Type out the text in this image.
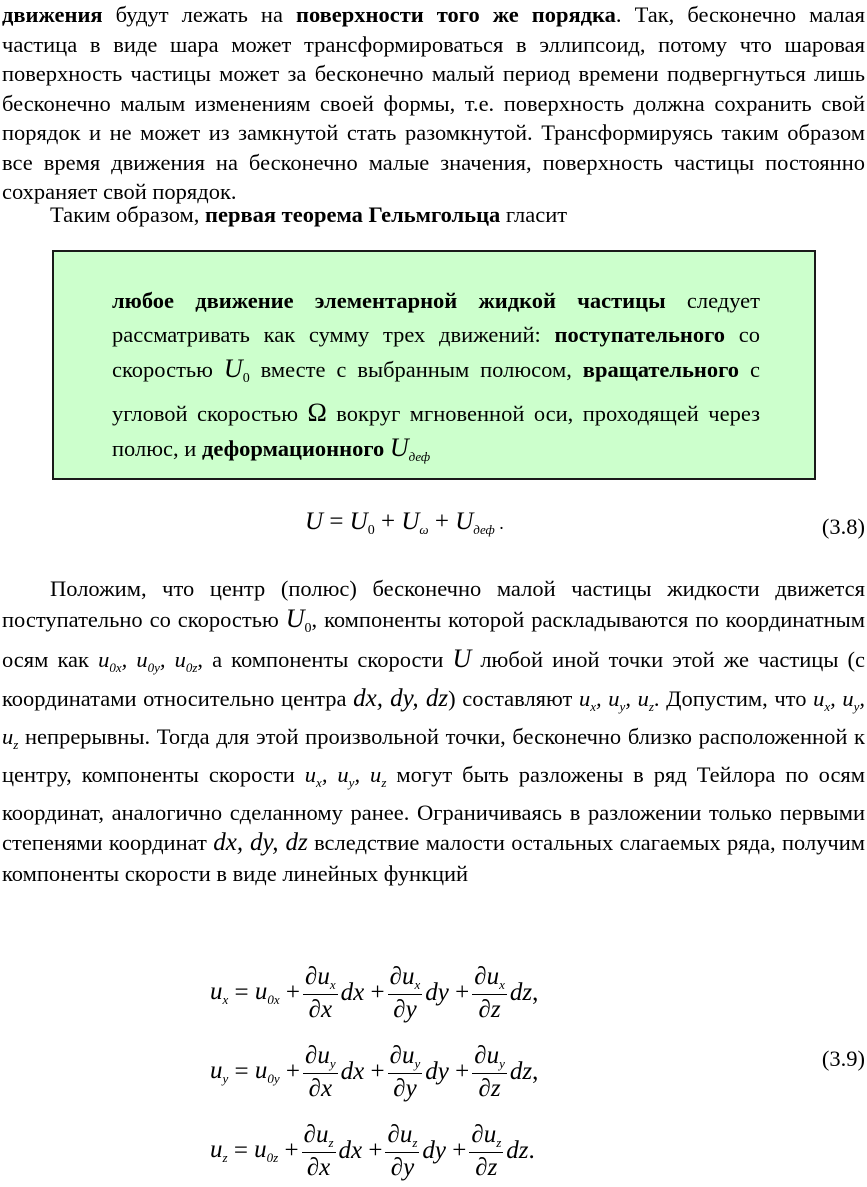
движения будут лежать на поверхности того же порядка. Так, бесконечно малая частица в виде шара может трансформироваться в эллипсоид, потому что шаровая поверхность частицы может за бесконечно малый период времени подвергнуться лишь бесконечно малым изменениям своей формы, т.е. поверхность должна сохранить свой порядок и не может из замкнутой стать разомкнутой. Трансформируясь таким образом все время движения на бесконечно малые значения, поверхность частицы постоянно сохраняет свой порядок.
Таким образом, первая теорема Гельмгольца гласит
любое движение элементарной жидкой частицы следует рассматривать как сумму трех движений: поступательного со скоростью $U_0$ вместе с выбранным полюсом, вращательного с угловой скоростью Ω вокруг мгновенной оси, проходящей через полюс, и деформационного $U_{деф}$
$U = U_0 + U_\omega + U_{деф}$ .	(3.8)
Положим, что центр (полюс) бесконечно малой частицы жидкости движется поступательно со скоростью $U_0$, компоненты которой раскладываются по координатным осям как $u_{0x}$, $u_{0y}$, $u_{0z}$, а компоненты скорости U любой иной точки этой же частицы (с координатами относительно центра dx, dy, dz) составляют $u_x$, $u_y$, $u_z$. Допустим, что $u_x$, $u_y$, $u_z$ непрерывны. Тогда для этой произвольной точки, бесконечно близко расположенной к центру, компоненты скорости $u_x$, $u_y$, $u_z$ могут быть разложены в ряд Тейлора по осям координат, аналогично сделанному ранее. Ограничиваясь в разложении только первыми степенями координат dx, dy, dz вследствие малости остальных слагаемых ряда, получим компоненты скорости в виде линейных функций
$u_x = u_{0x} + \frac{\partial u_x}{\partial x}$ dx + $\frac{\partial u_x}{\partial y}$ dy + $\frac{\partial u_x}{\partial z}$ dz ,
$u_y = u_{0y} + \frac{\partial u_y}{\partial x}$ dx + $\frac{\partial u_y}{\partial y}$ dy + $\frac{\partial u_y}{\partial z}$ dz ,
$u_z = u_{0z} + \frac{\partial u_z}{\partial x}$ dx + $\frac{\partial u_z}{\partial y}$ dy + $\frac{\partial u_z}{\partial z}$ dz .
(3.9)
